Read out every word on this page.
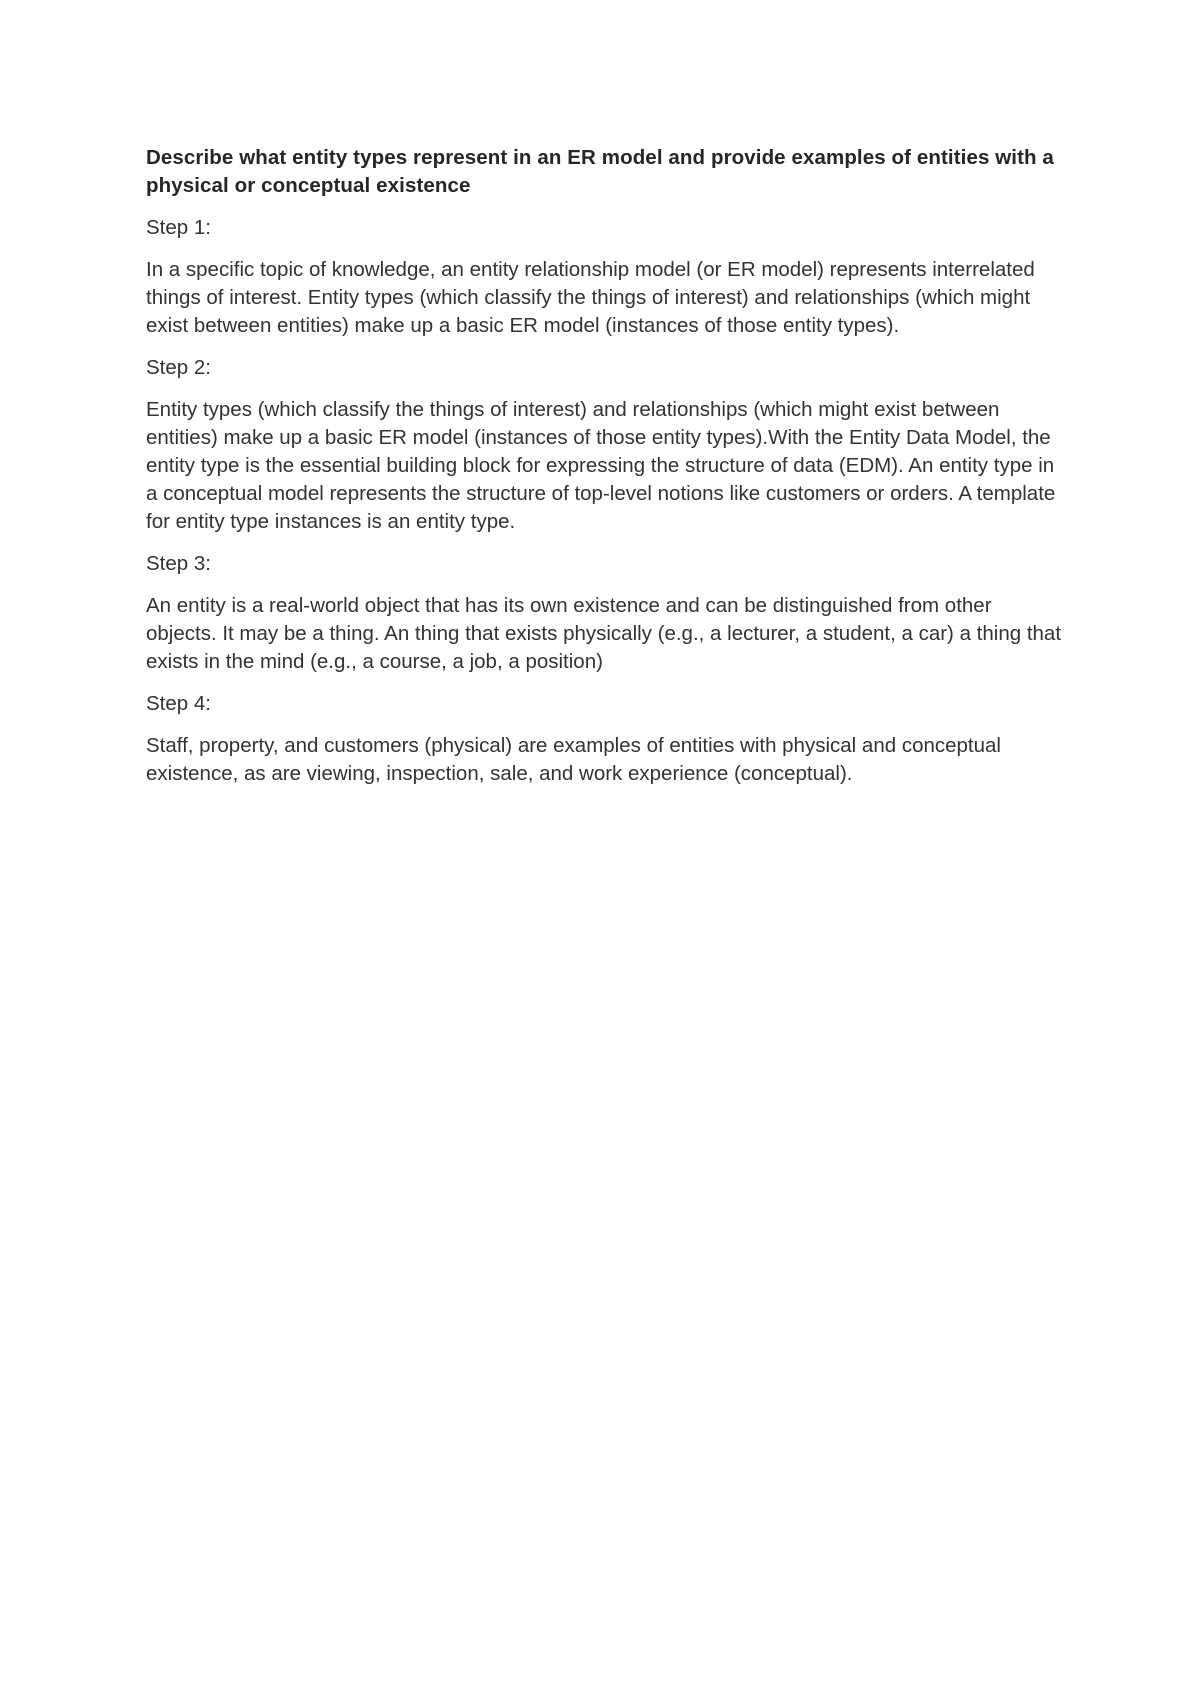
Describe what entity types represent in an ER model and provide examples of entities with a physical or conceptual existence

Step 1:

In a specific topic of knowledge, an entity relationship model (or ER model) represents interrelated things of interest. Entity types (which classify the things of interest) and relationships (which might exist between entities) make up a basic ER model (instances of those entity types).

Step 2:

Entity types (which classify the things of interest) and relationships (which might exist between entities) make up a basic ER model (instances of those entity types).With the Entity Data Model, the entity type is the essential building block for expressing the structure of data (EDM). An entity type in a conceptual model represents the structure of top-level notions like customers or orders. A template for entity type instances is an entity type.

Step 3:

An entity is a real-world object that has its own existence and can be distinguished from other objects. It may be a thing. An thing that exists physically (e.g., a lecturer, a student, a car) a thing that exists in the mind (e.g., a course, a job, a position)

Step 4:

Staff, property, and customers (physical) are examples of entities with physical and conceptual existence, as are viewing, inspection, sale, and work experience (conceptual).
